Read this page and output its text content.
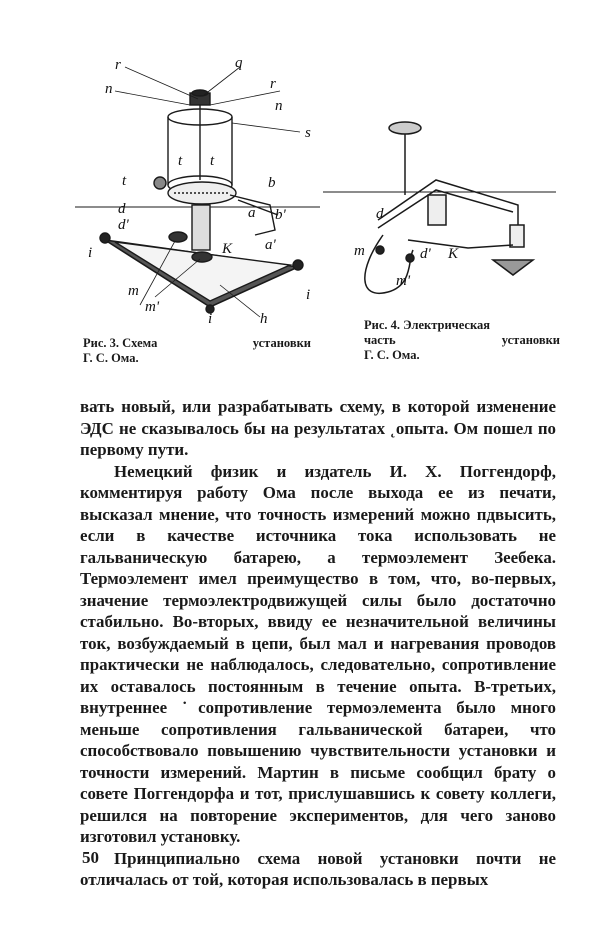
r	q
r
n
n
s
t t
t	b
a b'
d
d'
K a'
i
i
i
m
m'
h
d
m	d' K
m'
Рис. 3. Схема	установки
Г. С. Ома.
Рис. 4. Электрическая
часть	установки
Г. С. Ома.

вать новый, или разрабатывать схему, в которой изменение ЭДС не сказывалось бы на результатах ˛опыта. Ом пошел по первому пути.

Немецкий физик и издатель И. Х. Поггендорф, комментируя работу Ома после выхода ее из печати, высказал мнение, что точность измерений можно пдвысить, если в качестве источника тока использовать не гальваническую батарею, а термоэлемент Зеебека. Термоэлемент имел преимущество в том, что, во-первых, значение термоэлектродвижущей силы было достаточно стабильно. Во-вторых, ввиду ее незначительной величины ток, возбуждаемый в цепи, был мал и нагревания проводов практически не наблюдалось, следовательно, сопротивление их оставалось постоянным в течение опыта. В-третьих, внутреннее ˙сопротивление термоэлемента было много меньше сопротивления гальванической батареи, что способствовало повышению чувствительности установки и точности измерений. Мартин в письме сообщил брату о совете Поггендорфа и тот, прислушавшись к совету коллеги, решился на повторение экспериментов, для чего заново изготовил установку.

Принципиально схема новой установки почти не отличалась от той, которая использовалась в первых

50
